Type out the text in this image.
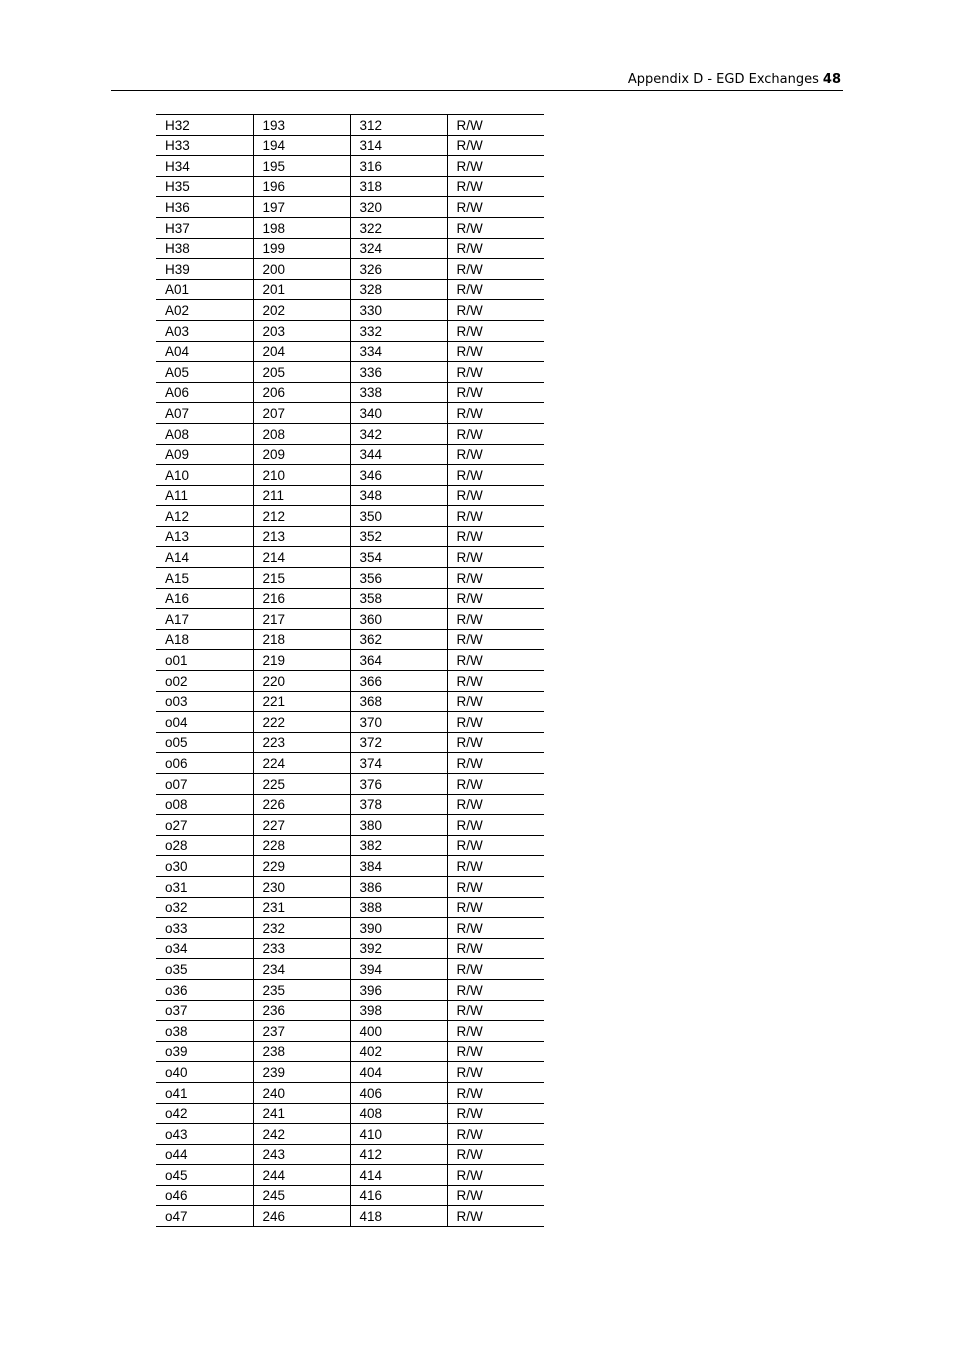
Appendix D - EGD Exchanges 48
H32	193	312	R/W
H33	194	314	R/W
H34	195	316	R/W
H35	196	318	R/W
H36	197	320	R/W
H37	198	322	R/W
H38	199	324	R/W
H39	200	326	R/W
A01	201	328	R/W
A02	202	330	R/W
A03	203	332	R/W
A04	204	334	R/W
A05	205	336	R/W
A06	206	338	R/W
A07	207	340	R/W
A08	208	342	R/W
A09	209	344	R/W
A10	210	346	R/W
A11	211	348	R/W
A12	212	350	R/W
A13	213	352	R/W
A14	214	354	R/W
A15	215	356	R/W
A16	216	358	R/W
A17	217	360	R/W
A18	218	362	R/W
o01	219	364	R/W
o02	220	366	R/W
o03	221	368	R/W
o04	222	370	R/W
o05	223	372	R/W
o06	224	374	R/W
o07	225	376	R/W
o08	226	378	R/W
o27	227	380	R/W
o28	228	382	R/W
o30	229	384	R/W
o31	230	386	R/W
o32	231	388	R/W
o33	232	390	R/W
o34	233	392	R/W
o35	234	394	R/W
o36	235	396	R/W
o37	236	398	R/W
o38	237	400	R/W
o39	238	402	R/W
o40	239	404	R/W
o41	240	406	R/W
o42	241	408	R/W
o43	242	410	R/W
o44	243	412	R/W
o45	244	414	R/W
o46	245	416	R/W
o47	246	418	R/W
